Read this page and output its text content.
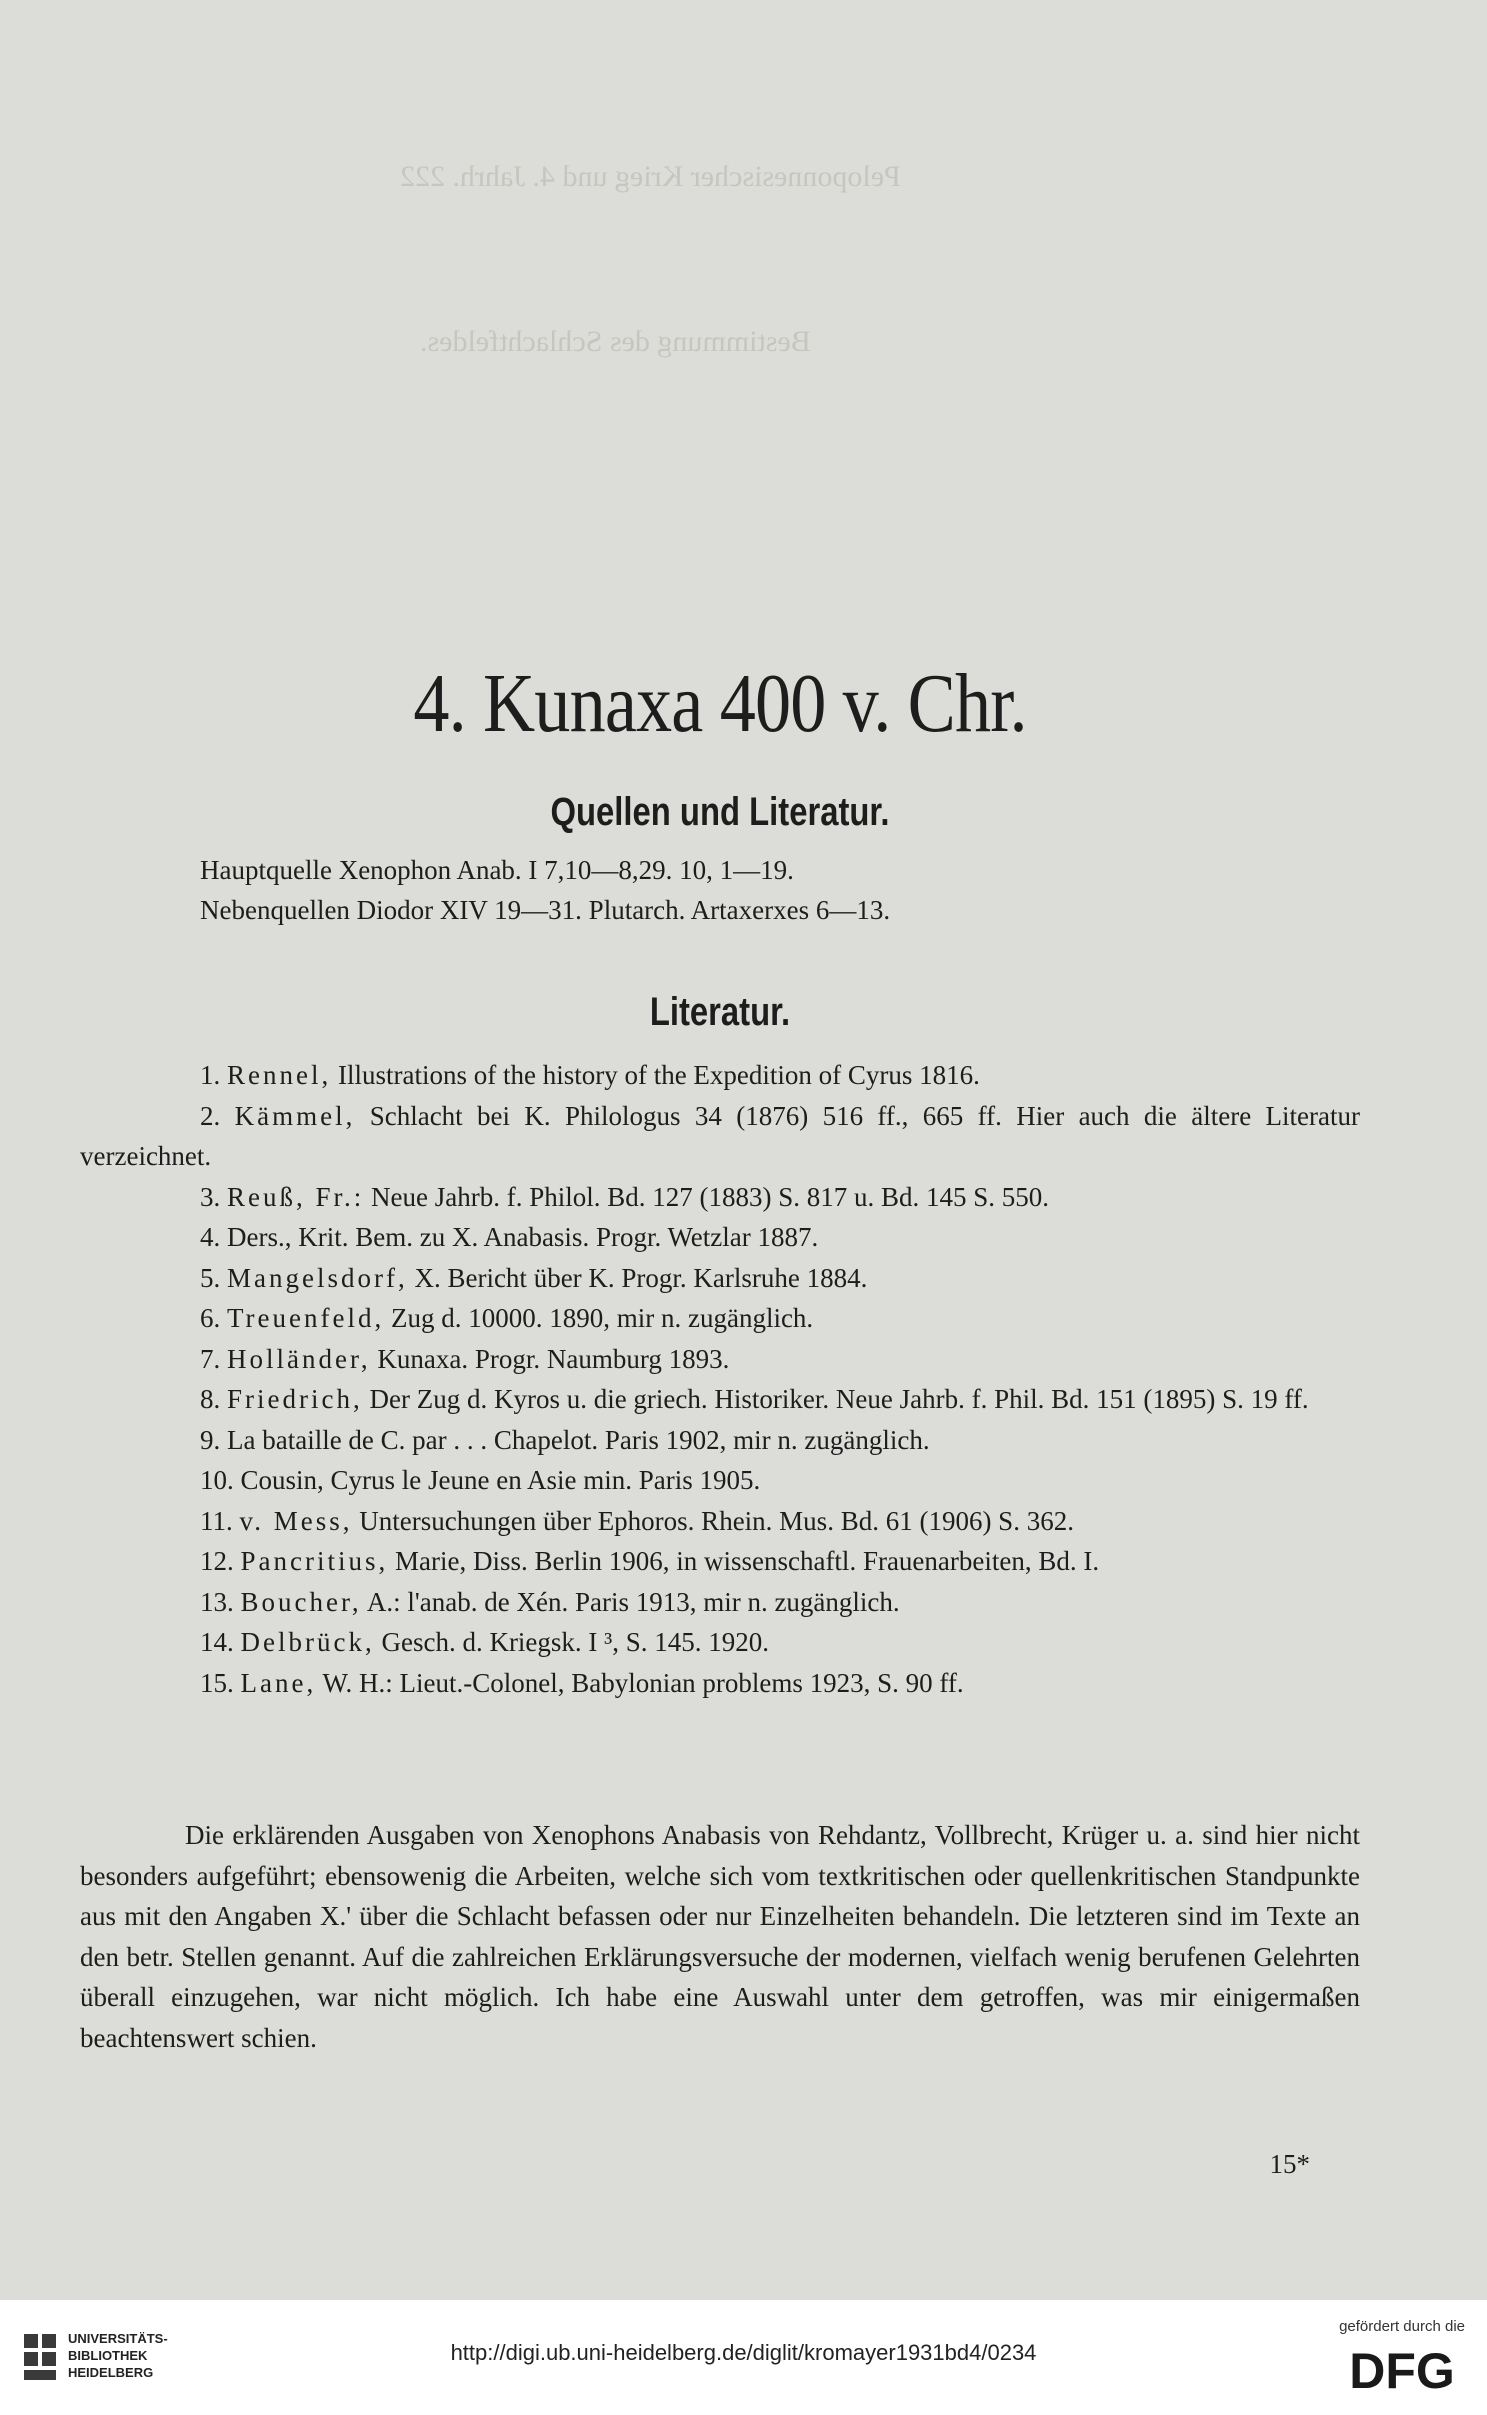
Peloponnesischer Krieg und 4. Jahrh. 222
Bestimmung des Schlachtfeldes.
4. Kunaxa 400 v. Chr.
Quellen und Literatur.

Hauptquelle Xenophon Anab. I 7,10—8,29. 10, 1—19.

Nebenquellen Diodor XIV 19—31. Plutarch. Artaxerxes 6—13.

Literatur.

1. Rennel, Illustrations of the history of the Expedition of Cyrus 1816.

2. Kämmel, Schlacht bei K. Philologus 34 (1876) 516 ff., 665 ff. Hier auch die ältere Literatur verzeichnet.

3. Reuß, Fr.: Neue Jahrb. f. Philol. Bd. 127 (1883) S. 817 u. Bd. 145 S. 550.

4. Ders., Krit. Bem. zu X. Anabasis. Progr. Wetzlar 1887.

5. Mangelsdorf, X. Bericht über K. Progr. Karlsruhe 1884.

6. Treuenfeld, Zug d. 10000. 1890, mir n. zugänglich.

7. Holländer, Kunaxa. Progr. Naumburg 1893.

8. Friedrich, Der Zug d. Kyros u. die griech. Historiker. Neue Jahrb. f. Phil. Bd. 151 (1895) S. 19 ff.

9. La bataille de C. par . . . Chapelot. Paris 1902, mir n. zugänglich.

10. Cousin, Cyrus le Jeune en Asie min. Paris 1905.

11. v. Mess, Untersuchungen über Ephoros. Rhein. Mus. Bd. 61 (1906) S. 362.

12. Pancritius, Marie, Diss. Berlin 1906, in wissenschaftl. Frauenarbeiten, Bd. I.

13. Boucher, A.: l'anab. de Xén. Paris 1913, mir n. zugänglich.

14. Delbrück, Gesch. d. Kriegsk. I ³, S. 145. 1920.

15. Lane, W. H.: Lieut.-Colonel, Babylonian problems 1923, S. 90 ff.

Die erklärenden Ausgaben von Xenophons Anabasis von Rehdantz, Vollbrecht, Krüger u. a. sind hier nicht besonders aufgeführt; ebensowenig die Arbeiten, welche sich vom textkritischen oder quellenkritischen Standpunkte aus mit den Angaben X.' über die Schlacht befassen oder nur Einzelheiten behandeln. Die letzteren sind im Texte an den betr. Stellen genannt. Auf die zahlreichen Erklärungsversuche der modernen, vielfach wenig berufenen Gelehrten überall einzugehen, war nicht möglich. Ich habe eine Auswahl unter dem getroffen, was mir einigermaßen beachtenswert schien.

15*

UNIVERSITÄTS-
BIBLIOTHEK
HEIDELBERG
http://digi.ub.uni-heidelberg.de/diglit/kromayer1931bd4/0234
gefördert durch die
DFG
